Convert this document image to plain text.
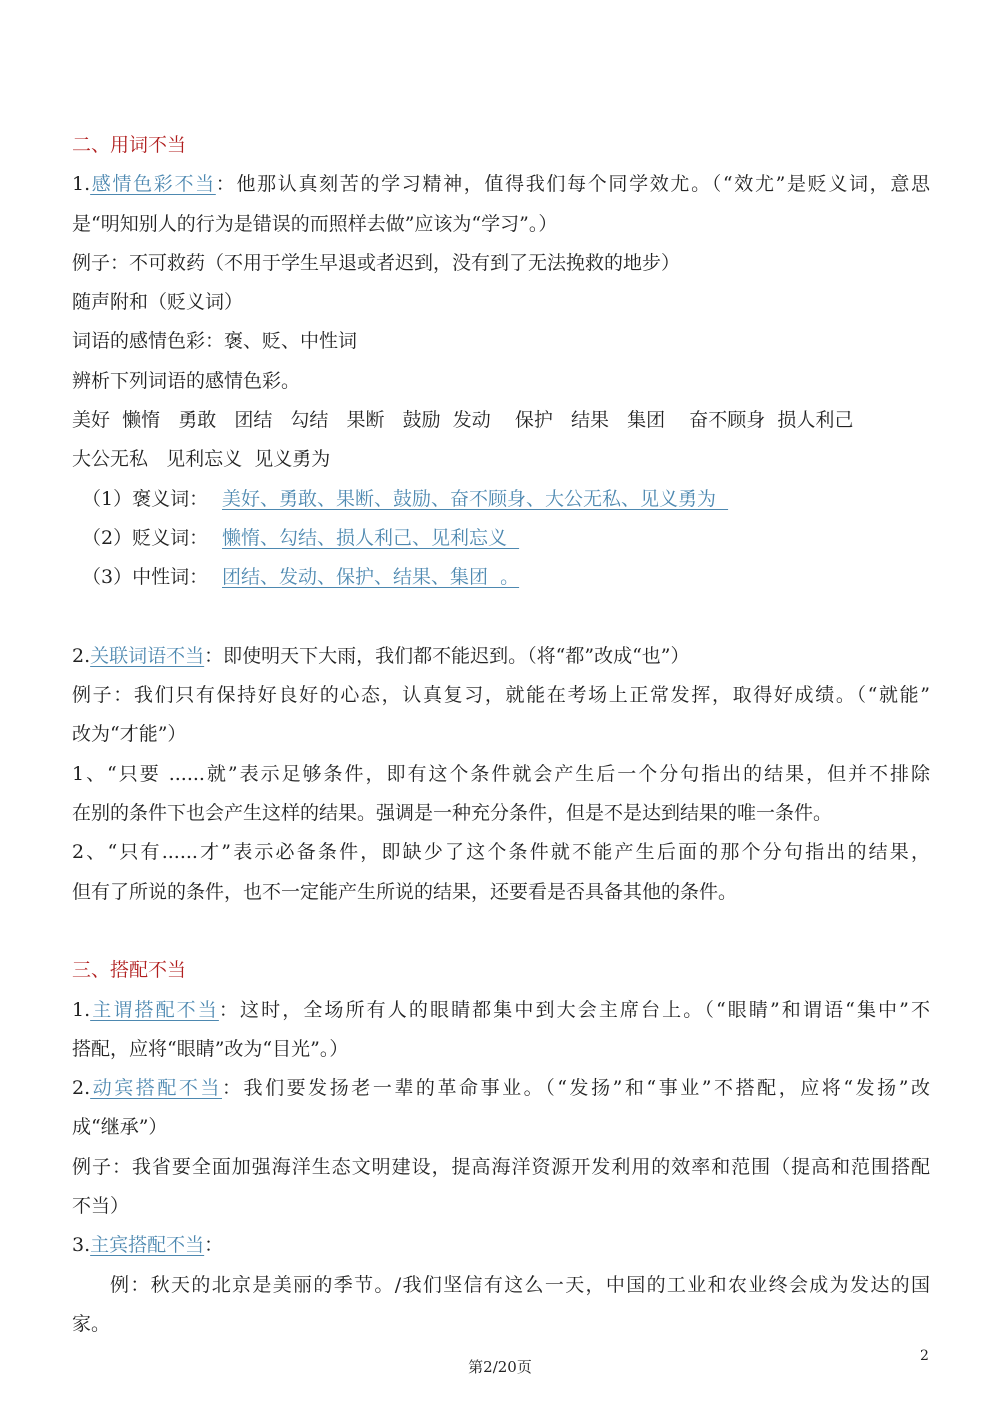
二、用词不当
1.感情色彩不当：他那认真刻苦的学习精神，值得我们每个同学效尤。（“效尤”是贬义词，意思
是“明知别人的行为是错误的而照样去做”应该为“学习”。）
例子：不可救药（不用于学生早退或者迟到，没有到了无法挽救的地步）
随声附和（贬义词）
词语的感情色彩：褒、贬、中性词
辨析下列词语的感情色彩。
美好  懒惰   勇敢   团结   勾结   果断   鼓励  发动    保护   结果   集团    奋不顾身  损人利己
大公无私   见利忘义  见义勇为
（1）褒义词： 美好、勇敢、果断、鼓励、奋不顾身、大公无私、见义勇为
（2）贬义词： 懒惰、勾结、损人利己、见利忘义
（3）中性词： 团结、发动、保护、结果、集团  。
2.关联词语不当：即使明天下大雨，我们都不能迟到。（将“都”改成“也”）
例子：我们只有保持好良好的心态，认真复习，就能在考场上正常发挥，取得好成绩。（“就能”
改为“才能”）
1、“只要 ......就”表示足够条件，即有这个条件就会产生后一个分句指出的结果，但并不排除
在别的条件下也会产生这样的结果。强调是一种充分条件，但是不是达到结果的唯一条件。
2、“只有......才”表示必备条件，即缺少了这个条件就不能产生后面的那个分句指出的结果，
但有了所说的条件，也不一定能产生所说的结果，还要看是否具备其他的条件。
三、搭配不当
1.主谓搭配不当：这时，全场所有人的眼睛都集中到大会主席台上。（“眼睛”和谓语“集中”不
搭配，应将“眼睛”改为“目光”。）
2.动宾搭配不当：我们要发扬老一辈的革命事业。（“发扬”和“事业”不搭配，应将“发扬”改
成“继承”）
例子：我省要全面加强海洋生态文明建设，提高海洋资源开发利用的效率和范围（提高和范围搭配
不当）
3.主宾搭配不当：
例：秋天的北京是美丽的季节。/我们坚信有这么一天，中国的工业和农业终会成为发达的国
家。
第2/20页
2
